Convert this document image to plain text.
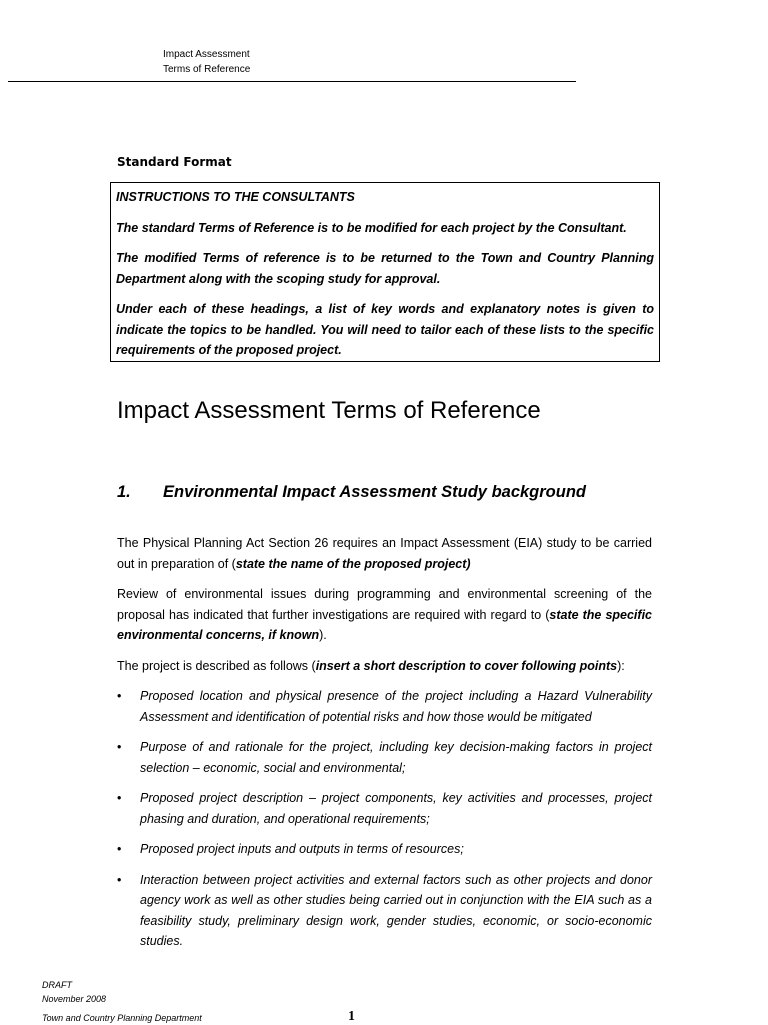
Impact Assessment
Terms of Reference
Standard Format

INSTRUCTIONS TO THE CONSULTANTS

The standard Terms of Reference is to be modified for each project by the Consultant.

The modified Terms of reference is to be returned to the Town and Country Planning Department along with the scoping study for approval.

Under each of these headings, a list of key words and explanatory notes is given to indicate the topics to be handled. You will need to tailor each of these lists to the specific requirements of the proposed project.

Impact Assessment Terms of Reference
1. Environmental Impact Assessment Study background

The Physical Planning Act Section 26 requires an Impact Assessment (EIA) study to be carried out in preparation of (state the name of the proposed project)

Review of environmental issues during programming and environmental screening of the proposal has indicated that further investigations are required with regard to (state the specific environmental concerns, if known).

The project is described as follows (insert a short description to cover following points):

• Proposed location and physical presence of the project including a Hazard Vulnerability Assessment and identification of potential risks and how those would be mitigated
• Purpose of and rationale for the project, including key decision-making factors in project selection – economic, social and environmental;
• Proposed project description – project components, key activities and processes, project phasing and duration, and operational requirements;
• Proposed project inputs and outputs in terms of resources;
• Interaction between project activities and external factors such as other projects and donor agency work as well as other studies being carried out in conjunction with the EIA such as a feasibility study, preliminary design work, gender studies, economic, or socio-economic studies.
DRAFT
November 2008
Town and Country Planning Department	1
